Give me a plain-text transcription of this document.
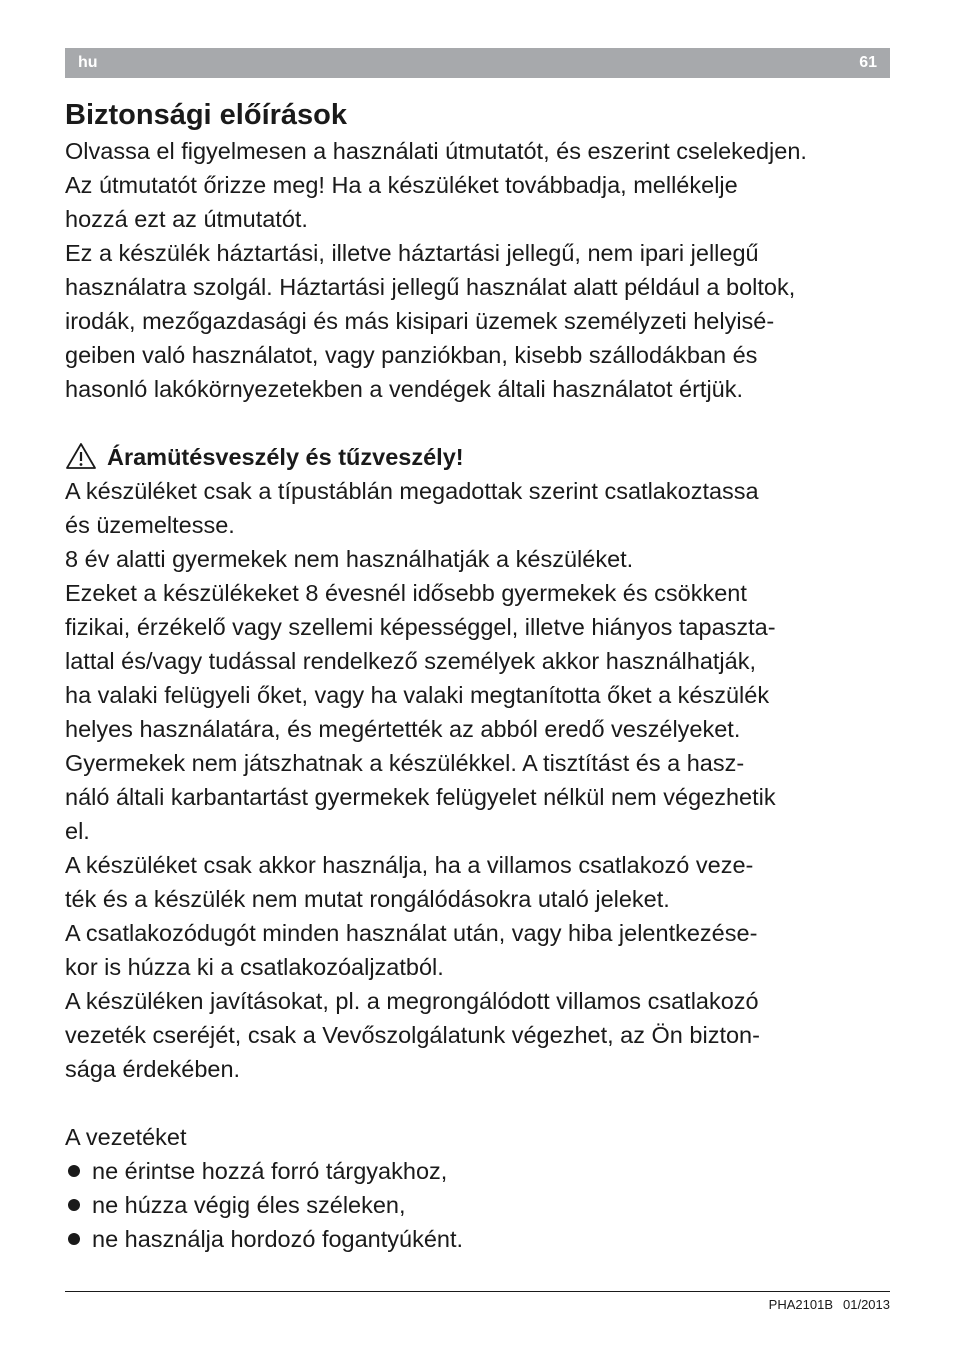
hu	61
Biztonsági előírások

Olvassa el figyelmesen a használati útmutatót, és eszerint cselekedjen.

Az útmutatót őrizze meg! Ha a készüléket továbbadja, mellékelje

hozzá ezt az útmutatót.

Ez a készülék háztartási, illetve háztartási jellegű, nem ipari jellegű

használatra szolgál. Háztartási jellegű használat alatt például a boltok,

irodák, mezőgazdasági és más kisipari üzemek személyzeti helyisé-

geiben való használatot, vagy panziókban, kisebb szállodákban és

hasonló lakókörnyezetekben a vendégek általi használatot értjük.

Áramütésveszély és tűzveszély!

A készüléket csak a típustáblán megadottak szerint csatlakoztassa

és üzemeltesse.

8 év alatti gyermekek nem használhatják a készüléket.

Ezeket a készülékeket 8 évesnél idősebb gyermekek és csökkent

fizikai, érzékelő vagy szellemi képességgel, illetve hiányos tapaszta-

lattal és/vagy tudással rendelkező személyek akkor használhatják,

ha valaki felügyeli őket, vagy ha valaki megtanította őket a készülék

helyes használatára, és megértették az abból eredő veszélyeket.

Gyermekek nem játszhatnak a készülékkel. A tisztítást és a hasz-

náló általi karbantartást gyermekek felügyelet nélkül nem végezhetik

el.

A készüléket csak akkor használja, ha a villamos csatlakozó veze-

ték és a készülék nem mutat rongálódásokra utaló jeleket.

A csatlakozódugót minden használat után, vagy hiba jelentkezése-

kor is húzza ki a csatlakozóaljzatból.

A készüléken javításokat, pl. a megrongálódott villamos csatlakozó

vezeték cseréjét, csak a Vevőszolgálatunk végezhet, az Ön bizton-

sága érdekében.

A vezetéket

ne érintse hozzá forró tárgyakhoz,
ne húzza végig éles széleken,
ne használja hordozó fogantyúként.
PHA2101B 01/2013
